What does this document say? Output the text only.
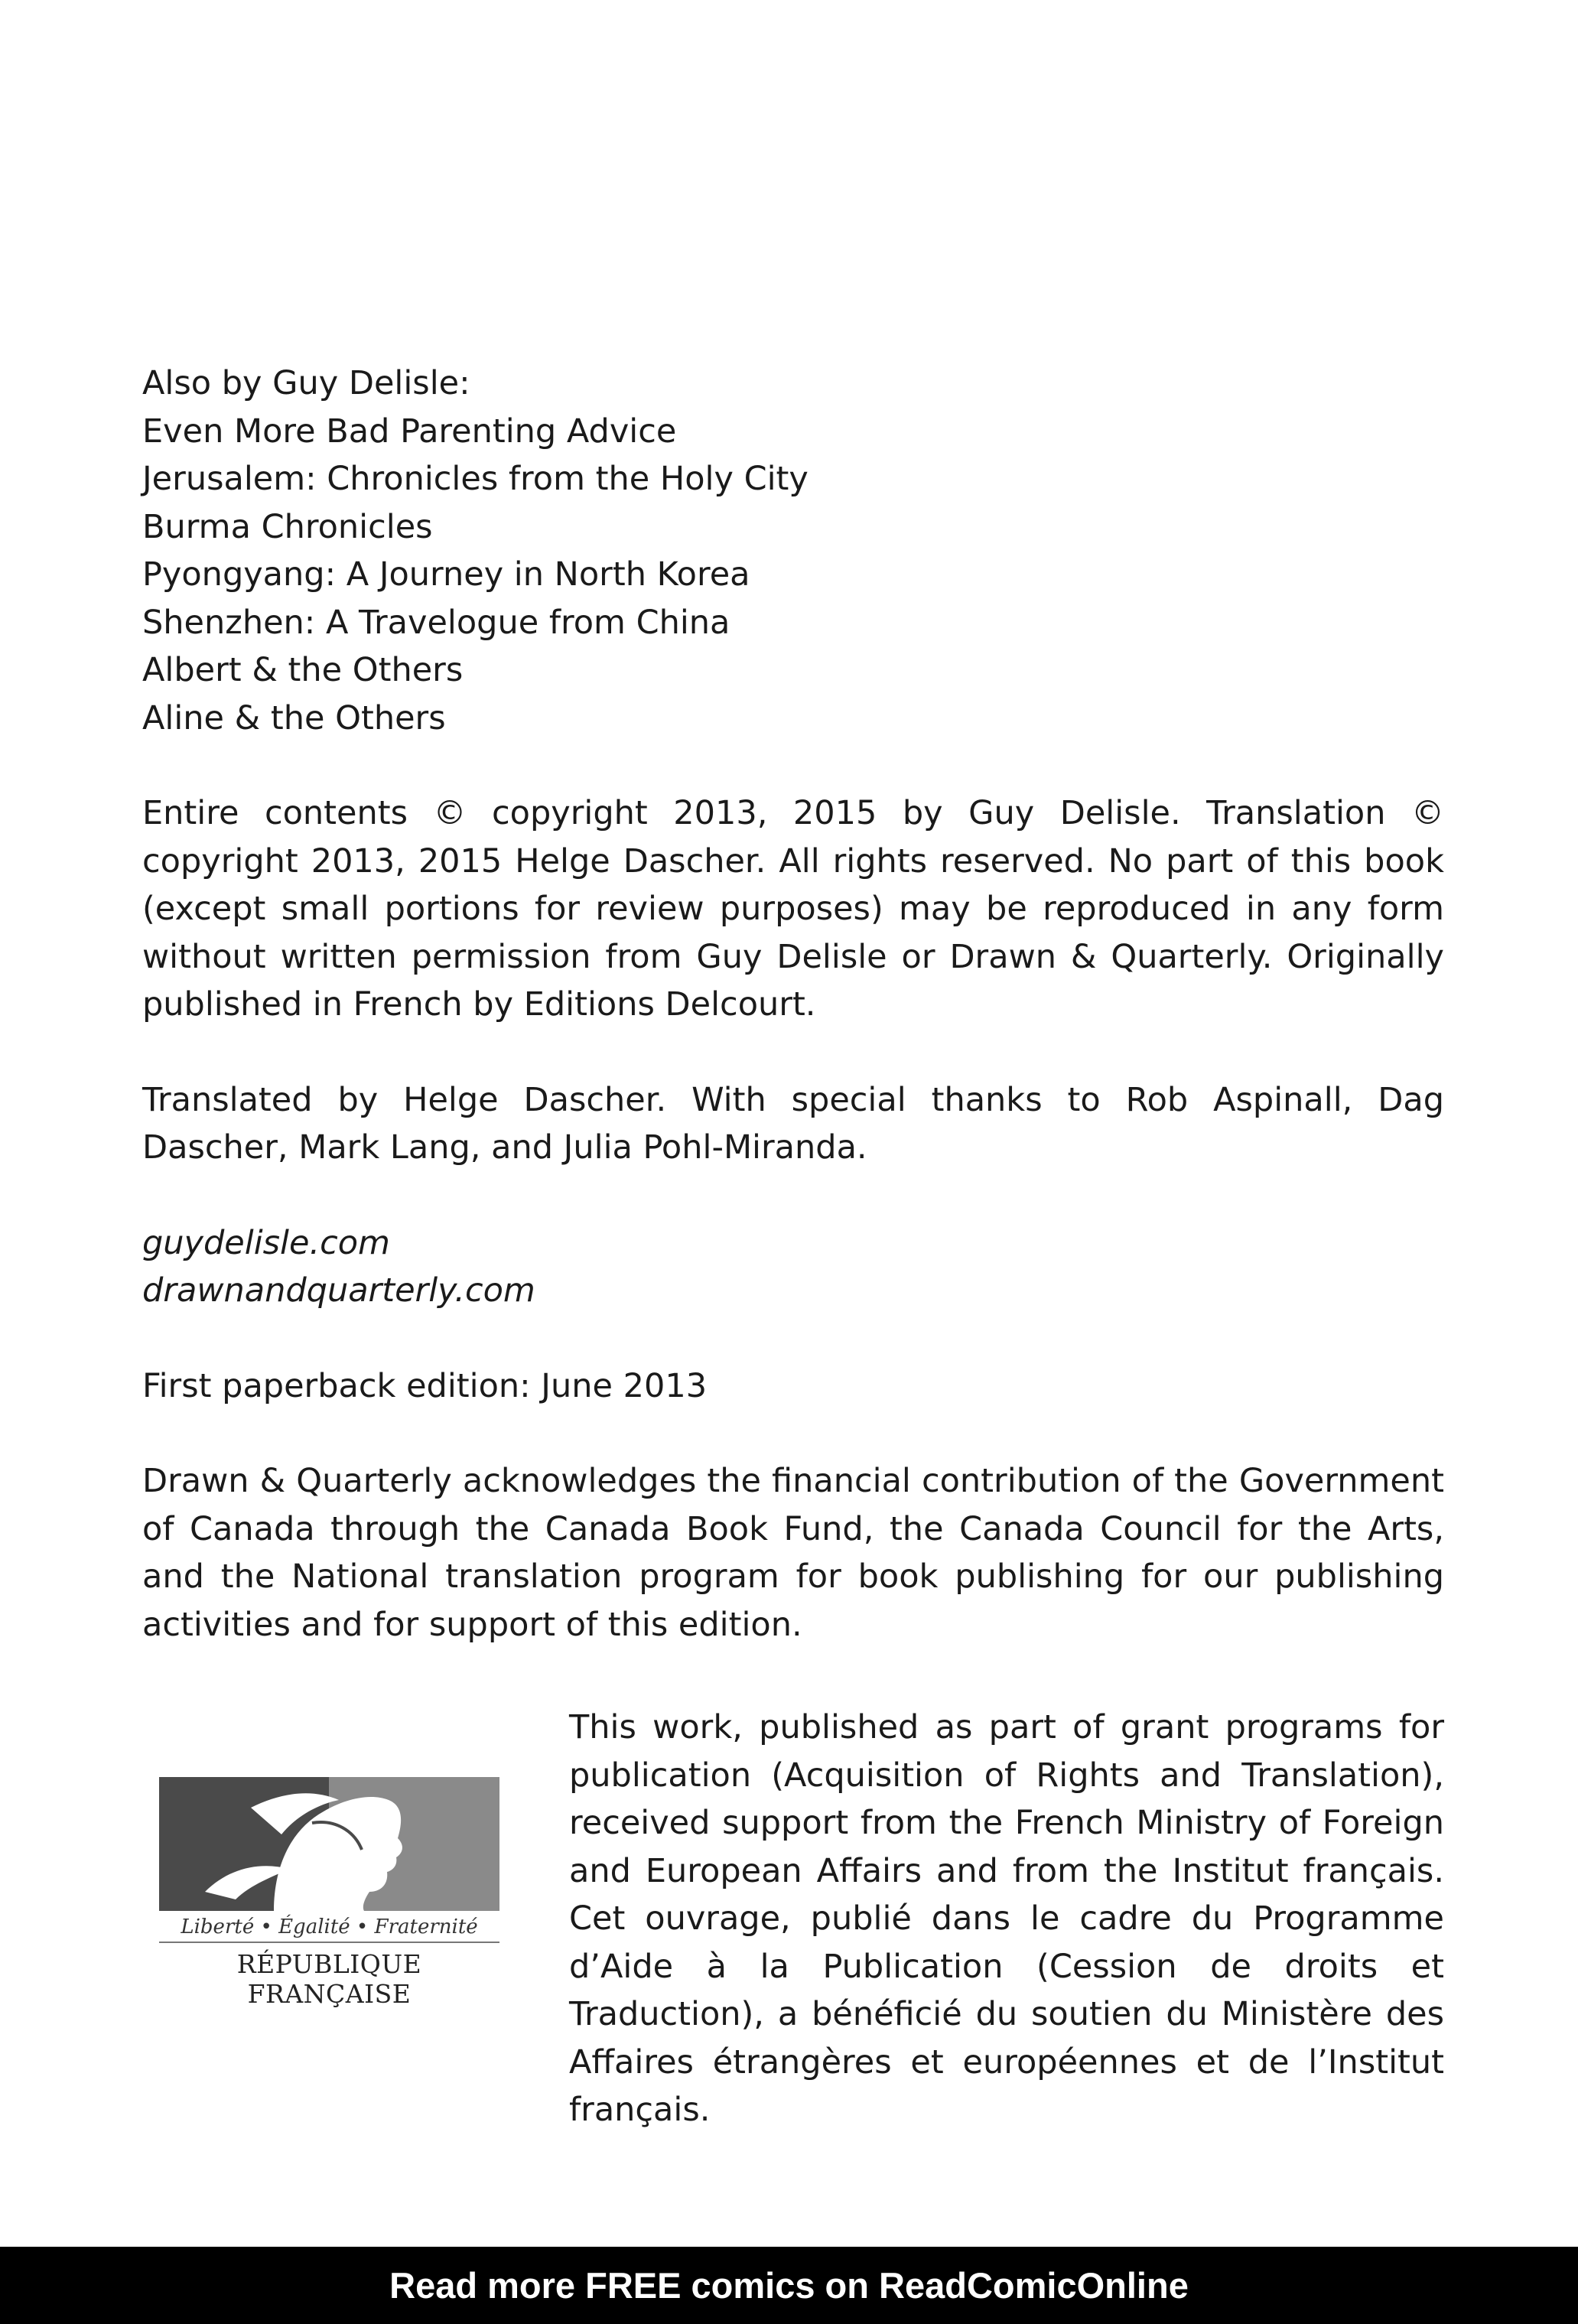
Also by Guy Delisle:

Even More Bad Parenting Advice

Jerusalem: Chronicles from the Holy City

Burma Chronicles

Pyongyang: A Journey in North Korea

Shenzhen: A Travelogue from China

Albert & the Others

Aline & the Others

Entire contents © copyright 2013, 2015 by Guy Delisle. Translation © copyright 2013, 2015 Helge Dascher. All rights reserved. No part of this book (except small portions for review purposes) may be reproduced in any form without written permission from Guy Delisle or Drawn & Quarterly. Originally published in French by Editions Delcourt.

Translated by Helge Dascher. With special thanks to Rob Aspinall, Dag Dascher, Mark Lang, and Julia Pohl-Miranda.

guydelisle.com

drawnandquarterly.com

First paperback edition: June 2013

Drawn & Quarterly acknowledges the financial contribution of the Government of Canada through the Canada Book Fund, the Canada Council for the Arts, and the National translation program for book publishing for our publishing activities and for support of this edition.

Liberté • Égalité • Fraternité
RÉPUBLIQUE FRANÇAISE

This work, published as part of grant programs for publication (Acquisition of Rights and Translation), received support from the French Ministry of Foreign and European Affairs and from the Institut français. Cet ouvrage, publié dans le cadre du Programme d’Aide à la Publication (Cession de droits et Traduction), a bénéficié du soutien du Ministère des Affaires étrangères et européennes et de l’Institut français.

Read more FREE comics on ReadComicOnline
